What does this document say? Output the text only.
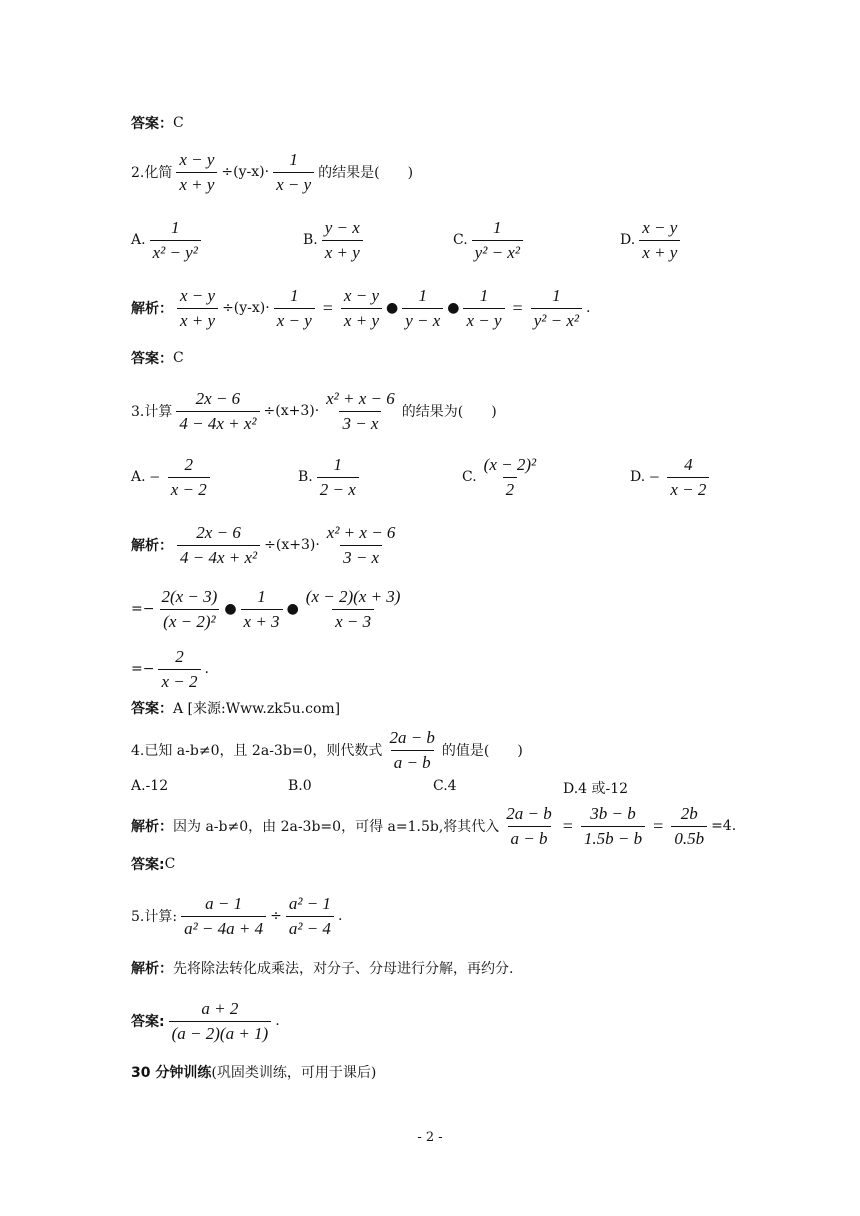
答案： C
2.化简 $\frac{x - y}{x + y} \div(y-x)\cdot \frac{1}{x - y}$ 的结果是(　　)
A. $\frac{1}{\text{x² − y²}}$	B. $\frac{y - x}{x + y}$	C. $\frac{1}{\text{y² − x²}}$	D. $\frac{x - y}{x + y}$
解析： $\frac{x - y}{x + y} \div(y-x)\cdot \frac{1}{x - y} = \frac{x - y}{x + y}$ ● $\frac{1}{y - x}$ ● $\frac{1}{x - y} = \frac{1}{\text{y² − x²}}$ .
答案： C
3.计算 $\frac{2x - 6}{\text{4 − 4x + x²}} \div(x+3)\cdot \frac{\text{x² + x − 6}}{3 - x}$ 的结果为(　　)
A. − $\frac{2}{x - 2}$	B. $\frac{1}{2 - x}$	C. $\frac{\text{(x − 2)²}}{2}$	D. − $\frac{4}{x - 2}$
解析： $\frac{2x - 6}{\text{4 − 4x + x²}} \div(x+3)\cdot \frac{\text{x² + x − 6}}{3 - x}$
=− $\frac{2(x - 3)}{\text{(x − 2)²}}$ ● $\frac{1}{x + 3}$ ● $\frac{(x - 2)(x + 3)}{x - 3}$
=− $\frac{2}{x - 2}$ .
答案： A [来源:Www.zk5u.com]
4.已知 a-b≠0，且 2a-3b=0，则代数式 $\frac{2a - b}{a - b}$ 的值是(　　)
A.-12	B.0	C.4	D.4 或-12
解析： 因为 a-b≠0，由 2a-3b=0，可得 a=1.5b,将其代入 $\frac{2a - b}{a - b} = \frac{3b - b}{1.5b - b} = \frac{2b}{0.5b} =4$.
答案: C
5.计算: $\frac{a - 1}{\text{a² − 4a + 4}} \div \frac{\text{a² − 1}}{\text{a² − 4}}$ .
解析： 先将除法转化成乘法，对分子、分母进行分解，再约分.
答案: $\frac{a + 2}{(a - 2)(a + 1)}$ .
30 分钟训练 (巩固类训练，可用于课后)
- 2 -
